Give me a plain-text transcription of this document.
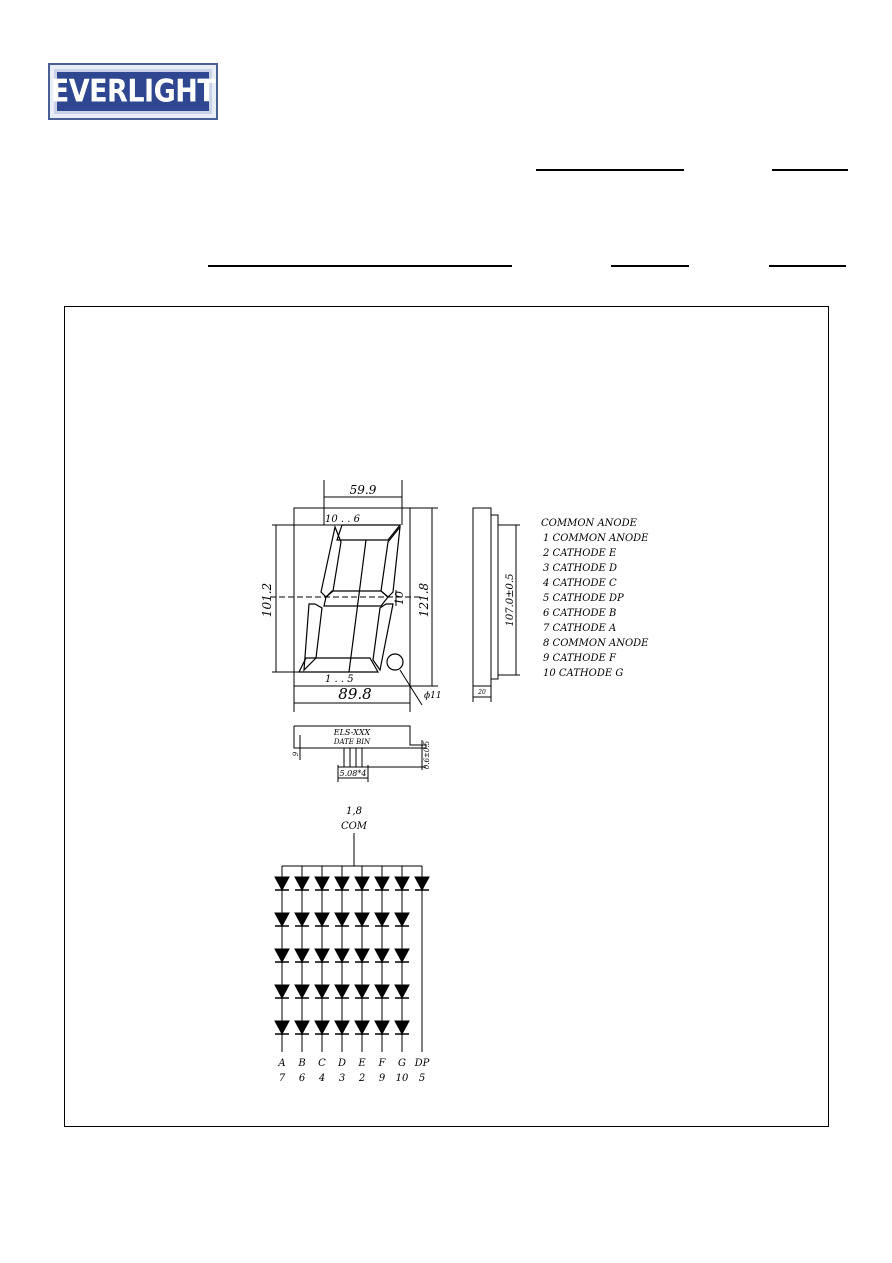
EVERLIGHT
59.9
89.8
101.2	121.8
10
ϕ11
10 . . 6
1 . . 5
107.0±0.5
20
ELS-XXX
DATE BIN
9	0.6±0.5
5.08*4
COMMON ANODE
1 COMMON ANODE
2 CATHODE E
3 CATHODE D
4 CATHODE C
5 CATHODE DP
6 CATHODE B
7 CATHODE A
8 COMMON ANODE
9 CATHODE F
10 CATHODE G
1,8
COM
A
7
B
6
C
4
D
3
E
2
F
9
G
10
DP
5
